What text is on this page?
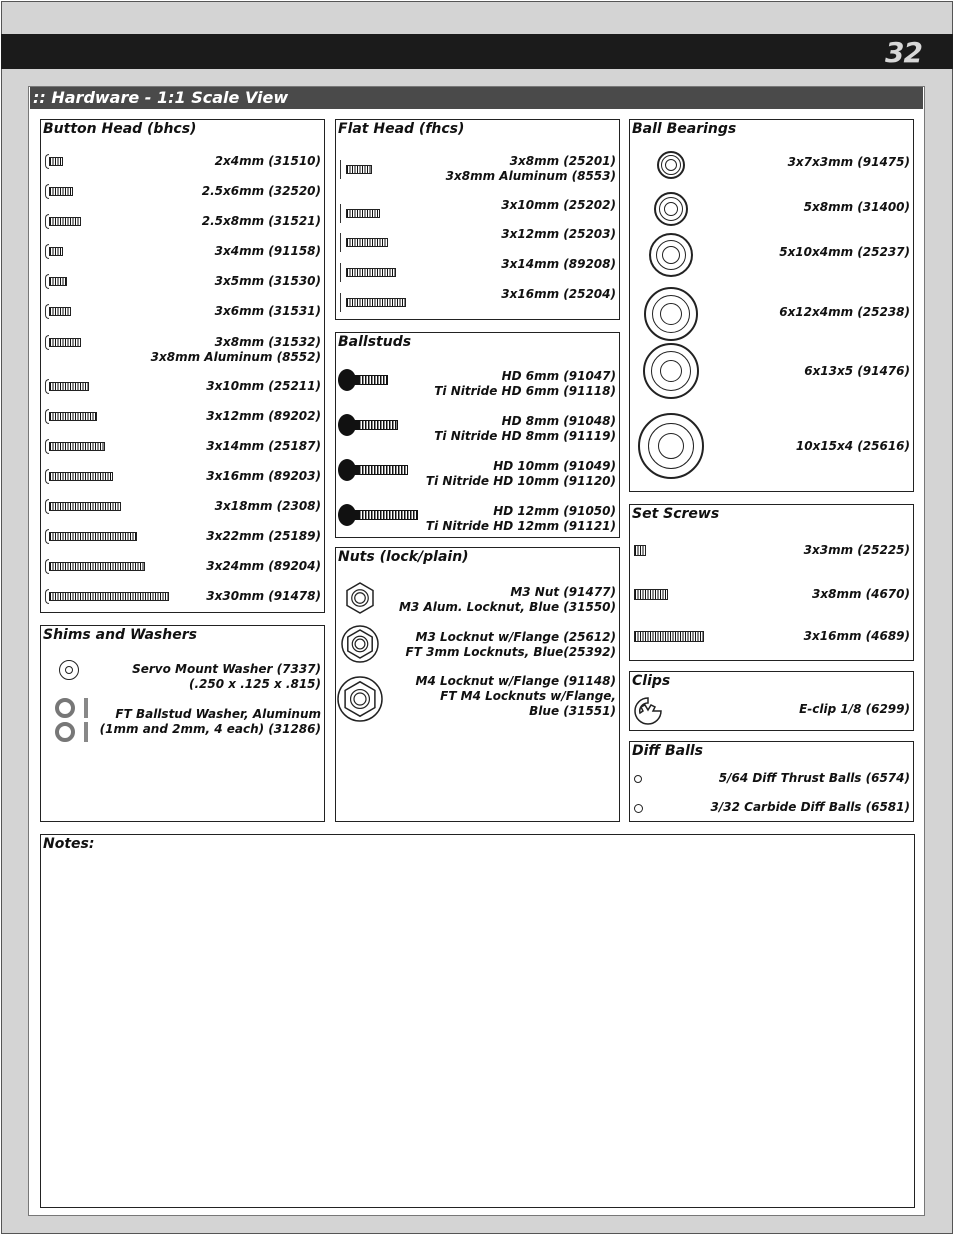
32
:: Hardware - 1:1 Scale View
Button Head (bhcs)
2x4mm (31510)
2.5x6mm (32520)
2.5x8mm (31521)
3x4mm (91158)
3x5mm (31530)
3x6mm (31531)
3x8mm (31532)
3x8mm Aluminum (8552)
3x10mm (25211)
3x12mm (89202)
3x14mm (25187)
3x16mm (89203)
3x18mm (2308)
3x22mm (25189)
3x24mm (89204)
3x30mm (91478)
Flat Head (fhcs)
3x8mm (25201)
3x8mm Aluminum (8553)
3x10mm (25202)
3x12mm (25203)
3x14mm (89208)
3x16mm (25204)
Ball Bearings
3x7x3mm (91475)
5x8mm (31400)
5x10x4mm (25237)
6x12x4mm (25238)
6x13x5 (91476)
10x15x4 (25616)
Ballstuds
HD 6mm (91047)
Ti Nitride HD 6mm (91118)
HD 8mm (91048)
Ti Nitride HD 8mm (91119)
HD 10mm (91049)
Ti Nitride HD 10mm (91120)
HD 12mm (91050)
Ti Nitride HD 12mm (91121)
Set Screws
3x3mm (25225)
3x8mm (4670)
3x16mm (4689)
Nuts (lock/plain)
M3 Nut (91477)
M3 Alum. Locknut, Blue (31550)
M3 Locknut w/Flange (25612)
FT 3mm Locknuts, Blue(25392)
M4 Locknut w/Flange (91148)
FT M4 Locknuts w/Flange,
Blue (31551)
Shims and Washers
Servo Mount Washer (7337)
(.250 x .125 x .815)
FT Ballstud Washer, Aluminum
(1mm and 2mm, 4 each) (31286)
Clips
E-clip 1/8 (6299)
Diff Balls
5/64 Diff Thrust Balls (6574)
3/32 Carbide Diff Balls (6581)
Notes:
